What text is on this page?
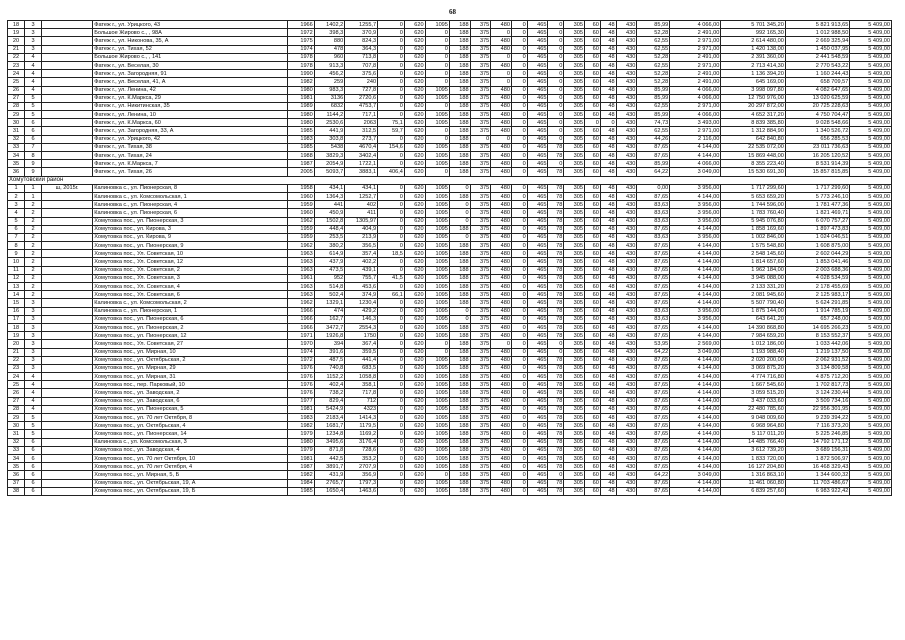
68
18	3		Фатеж г., ул. Урицкого, 43	1966	1402,2	1255,7	0	620	1095	188	375	480	0	465	0	305	60	48	430	85,99	4 066,00	5 701 345,20	5 821 913,65	5 409,00
19	3		Большое Жирово с., , 98А	1972	398,3	370,9	0	620	0	188	375	0	0	465	0	305	60	48	430	52,28	2 491,00	992 165,30	1 012 988,50	5 409,00
20	3		Фатеж г., ул. Никонова, 35, А	1975	880	824,3	0	620	0	188	375	480	0	465	0	305	60	48	430	62,55	2 971,00	2 614 480,00	2 669 325,94	5 409,00
21	3		Фатеж г., ул. Тихая, 52	1974	478	364,3	0	620	0	188	375	480	0	465	0	305	60	48	430	62,55	2 971,00	1 420 138,00	1 450 037,95	5 409,00
22	4		Большое Жирово с., , 141	1978	960	713,8	0	620	0	188	375	0	0	465	0	305	60	48	430	52,28	2 491,00	2 391 360,00	2 441 548,59	5 409,00
23	4		Фатеж г., ул. Веселая, 30	1978	913,3	707,8	0	620	0	188	375	480	0	465	0	305	60	48	430	62,55	2 971,00	2 713 414,30	2 770 543,22	5 409,00
24	4		Фатеж г., ул. Загородняя, 91	1990	456,2	375,6	0	620	0	188	375	0	0	465	0	305	60	48	430	52,28	2 491,00	1 136 394,20	1 160 244,43	5 409,00
25	4		Фатеж г., ул. Веселая, 41, А	1982	259	240	0	620	0	188	375	0	0	465	0	305	60	48	430	52,28	2 491,00	645 169,00	658 709,57	5 409,00
26	4		Фатеж г., ул. Ленина, 42	1980	983,3	727,8	0	620	1095	188	375	480	0	465	0	305	60	48	430	85,99	4 066,00	3 998 097,80	4 082 647,65	5 409,00
27	5		Фатеж г., ул. К.Маркса, 29	1981	3136	2720,6	0	620	1095	188	375	480	0	465	0	305	60	48	430	85,99	4 066,00	12 750 976,00	13 020 625,59	5 409,00
28	5		Фатеж г., ул. Никитинская, 35	1989	6832	4753,7	0	620	0	188	375	480	0	465	0	305	60	48	430	62,55	2 971,00	20 297 872,00	20 725 228,63	5 409,00
29	5		Фатеж г., ул. Ленина, 10	1980	1144,2	717,1	0	620	1095	188	375	480	0	465	0	305	60	48	430	85,99	4 066,00	4 652 317,20	4 750 704,47	5 409,00
30	6		Фатеж г., ул. К.Маркса, 60	1980	2530,6	2063	75,1	620	1095	188	375	480	0	465	0	305	0	0	430	74,73	3 493,00	8 839 385,80	9 028 548,66	5 409,00
31	6		Фатеж г., ул. Загородняя, 33, А	1985	441,9	312,5	59,7	620	0	188	375	480	0	465	0	305	60	48	430	62,55	2 971,00	1 312 884,90	1 340 526,72	5 409,00
32	6		Фатеж г., ул. Урицкого, 42	1983	303,8	273,7	0	620	0	188	0	0	0	465	0	305	60	48	430	44,26	2 116,00	642 840,80	656 285,53	5 409,00
33	7		Фатеж г., ул. Тихая, 38	1985	5438	4670,4	154,6	620	1095	188	375	480	0	465	78	305	60	48	430	87,65	4 144,00	22 535 072,00	23 011 736,63	5 409,00
34	8		Фатеж г., ул. Тихая, 24	1988	3829,3	3402,4	0	620	1095	188	375	480	0	465	78	305	60	48	430	87,65	4 144,00	15 869 448,00	16 205 120,52	5 409,00
35	9		Фатеж г., ул. К.Маркса, 7	1987	2054,9	1722,1	0	620	1095	188	375	480	0	465	0	305	60	48	430	85,99	4 066,00	8 355 223,40	8 531 914,39	5 409,00
36	9		Фатеж г., ул. Тихая, 26	2005	5093,7	3883,1	406,4	620	0	188	375	480	0	465	78	305	60	48	430	64,22	3 049,00	15 530 691,30	15 857 815,85	5 409,00
Хомутовский район																								
1	1	ш, 2015г.	Калиновка с., ул. Пионерская, 8	1958	434,1	434,1	0	620	1095	0	375	480	0	465	78	305	60	48	430	0,00	3 956,00	1 717 299,60	1 717 299,60	5 409,00
2	1		Калиновка с., ул. Комсомольская, 1	1960	1364,3	1252,7	0	620	1095	188	375	480	0	465	78	305	60	48	430	87,65	4 144,00	5 653 659,20	5 773 246,10	5 409,00
3	2		Калиновка с., ул. Пионерская, 4	1959	441	402	0	620	1095	0	375	480	0	465	78	305	60	48	430	83,63	3 956,00	1 744 596,00	1 781 477,36	5 409,00
4	2		Калиновка с., ул. Пионерская, 6	1960	450,9	411	0	620	1095	0	375	480	0	465	78	305	60	48	430	83,63	3 956,00	1 783 760,40	1 821 469,71	5 409,00
5	2		Хомутовка пос., ул. Пионерская, 3	1962	1502,8	1305,97	0	620	1095	0	375	480	0	465	78	305	60	48	430	83,63	3 956,00	5 945 076,80	6 070 757,27	5 409,00
6	2		Хомутовка пос., ул. Кирова, 3	1959	448,4	404,9	0	620	1095	188	375	480	0	465	78	305	60	48	430	87,65	4 144,00	1 858 169,60	1 897 473,83	5 409,00
7	2		Хомутовка пос., ул. Кирова, 9	1959	253,5	213,9	0	620	1095	0	375	480	0	465	78	305	60	48	430	83,63	3 956,00	1 002 846,00	1 024 046,51	5 409,00
8	2		Хомутовка пос., ул. Пионерская, 9	1962	380,2	356,5	0	620	1095	188	375	480	0	465	78	305	60	48	430	87,65	4 144,00	1 575 548,80	1 608 875,00	5 409,00
9	2		Хомутовка пос., Ул. Советская, 10	1963	614,9	357,4	18,5	620	1095	188	375	480	0	465	78	305	60	48	430	87,65	4 144,00	2 548 145,60	2 602 044,29	5 409,00
10	2		Хомутовка пос., Ул. Советская, 12	1963	437,9	402,2	0	620	1095	188	375	480	0	465	78	305	60	48	430	87,65	4 144,00	1 814 657,60	1 853 041,46	5 409,00
11	2		Хомутовка пос., Ул. Советская, 2	1963	473,5	439,1	0	620	1095	188	375	480	0	465	78	305	60	48	430	87,65	4 144,00	1 962 184,00	2 003 688,36	5 409,00
12	2		Хомутовка пос., Ул. Советская, 3	1961	952	755,7	41,5	620	1095	188	375	480	0	465	78	305	60	48	430	87,65	4 144,00	3 945 088,00	4 028 534,59	5 409,00
13	2		Хомутовка пос., Ул. Советская, 4	1963	514,8	453,6	0	620	1095	188	375	480	0	465	78	305	60	48	430	87,65	4 144,00	2 133 331,20	2 178 455,69	5 409,00
14	2		Хомутовка пос., Ул. Советская, 6	1963	502,4	374,9	66,1	620	1095	188	375	480	0	465	78	305	60	48	430	87,65	4 144,00	2 081 945,60	2 125 983,17	5 409,00
15	3		Калиновка с., ул. Комсомольская, 2	1962	1329,1	1230,4	0	620	1095	188	375	480	0	465	78	305	60	48	430	87,65	4 144,00	5 507 790,40	5 624 291,85	5 409,00
16	3		Калиновка с., ул. Пионерская, 1	1966	474	429,2	0	620	1095	0	375	480	0	465	78	305	60	48	430	83,63	3 956,00	1 875 144,00	1 914 785,19	5 409,00
17	3		Хомутовка пос., ул. Пионерская, 6	1966	162,7	146,3	0	620	1095	0	375	480	0	465	78	305	60	48	430	83,63	3 956,00	643 641,20	657 248,00	5 409,00
18	3		Хомутовка пос., ул. Пионерская, 2	1966	3472,7	2554,3	0	620	1095	188	375	480	0	465	78	305	60	48	430	87,65	4 144,00	14 390 868,80	14 695 266,23	5 409,00
19	3		Хомутовка пос., ул. Пионерская, 12	1971	1926,8	1750	0	620	1095	188	375	480	0	465	78	305	60	48	430	87,65	4 144,00	7 984 659,20	8 153 552,37	5 409,00
20	3		Хомутовка пос., Ул. Советская, 27	1970	394	367,4	0	620	0	188	375	0	0	465	0	305	60	48	430	53,95	2 569,00	1 012 186,00	1 033 442,06	5 409,00
21	3		Хомутовка пос., ул. Мирная, 10	1974	391,6	359,5	0	620	0	188	375	480	0	465	0	305	60	48	430	64,22	3 049,00	1 193 988,40	1 219 137,50	5 409,00
22	3		Хомутовка пос., ул. Октябрьская, 2	1972	487,5	441,4	0	620	1095	188	375	480	0	465	78	305	60	48	430	87,65	4 144,00	2 020 200,00	2 062 931,52	5 409,00
23	3		Хомутовка пос., ул. Мирная, 29	1976	740,8	683,5	0	620	1095	188	375	480	0	465	78	305	60	48	430	87,65	4 144,00	3 069 875,20	3 134 809,58	5 409,00
24	4		Хомутовка пос., ул. Мирная, 31	1976	1152,2	1058,8	0	620	1095	188	375	480	0	465	78	305	60	48	430	87,65	4 144,00	4 774 716,80	4 875 712,20	5 409,00
25	4		Хомутовка пос., пер. Парковый, 10	1976	402,4	358,1	0	620	1095	188	375	480	0	465	78	305	60	48	430	87,65	4 144,00	1 667 545,60	1 702 817,73	5 409,00
26	4		Хомутовка пос., ул. Заводская, 2	1976	738,2	717,8	0	620	1095	188	375	480	0	465	78	305	60	48	430	87,65	4 144,00	3 059 515,20	3 124 230,44	5 409,00
27	4		Хомутовка пос., ул. Заводская, 6	1977	829,4	712	0	620	1095	188	375	480	0	465	78	305	60	48	430	87,65	4 144,00	3 437 033,60	3 509 734,16	5 409,00
28	4		Хомутовка пос., ул. Пионерская, 5	1981	5424,9	4323	0	620	1095	188	375	480	0	465	78	305	60	48	430	87,65	4 144,00	22 480 785,60	22 956 301,95	5 409,00
29	5		Хомутовка пос., ул. 70 лет Октября, 8	1983	2183,4	1414,3	0	620	1095	188	375	480	0	465	78	305	60	48	430	87,65	4 144,00	9 048 009,60	9 239 394,22	5 409,00
30	5		Хомутовка пос., ул. Октябрьская, 4	1982	1681,7	1179,5	0	620	1095	188	375	480	0	465	78	305	60	48	430	87,65	4 144,00	6 968 964,80	7 116 373,20	5 409,00
31	5		Хомутовка пос., ул. Пионерская, 14	1979	1234,8	1169,2	0	620	1095	188	375	480	0	465	78	305	60	48	430	87,65	4 144,00	5 117 011,20	5 225 246,85	5 409,00
32	6		Калиновка с., ул. Комсомольская, 3	1980	3495,6	3176,4	0	620	1095	188	375	480	0	465	78	305	60	48	430	87,65	4 144,00	14 485 766,40	14 792 171,12	5 409,00
33	6		Хомутовка пос., ул. Заводская, 4	1979	871,8	728,6	0	620	1095	188	375	480	0	465	78	305	60	48	430	87,65	4 144,00	3 612 739,20	3 689 156,31	5 409,00
34	6		Хомутовка пос., ул. 70 лет Октября, 10	1981	442,5	353,2	0	620	1095	188	375	480	0	465	78	305	60	48	430	87,65	4 144,00	1 833 720,00	1 872 506,97	5 409,00
35	6		Хомутовка пос., ул. 70 лет Октября, 4	1987	3891,7	2707,9	0	620	1095	188	375	480	0	465	78	305	60	48	430	87,65	4 144,00	16 127 204,80	16 468 329,43	5 409,00
36	6		Хомутовка пос., ул. Мирная, 5, Б	1982	431,9	356,9	0	620	0	188	375	480	0	465	0	305	60	48	430	64,22	3 049,00	1 316 863,10	1 344 600,32	5 409,00
37	6		Хомутовка пос., ул. Октябрьская, 19, А	1984	2765,7	1797,3	0	620	1095	188	375	480	0	465	78	305	60	48	430	87,65	4 144,00	11 461 060,80	11 703 486,67	5 409,00
38	6		Хомутовка пос., ул. Октябрьская, 19, Б	1985	1650,4	1463,6	0	620	1095	188	375	480	0	465	78	305	60	48	430	87,65	4 144,00	6 839 257,60	6 983 922,42	5 409,00
